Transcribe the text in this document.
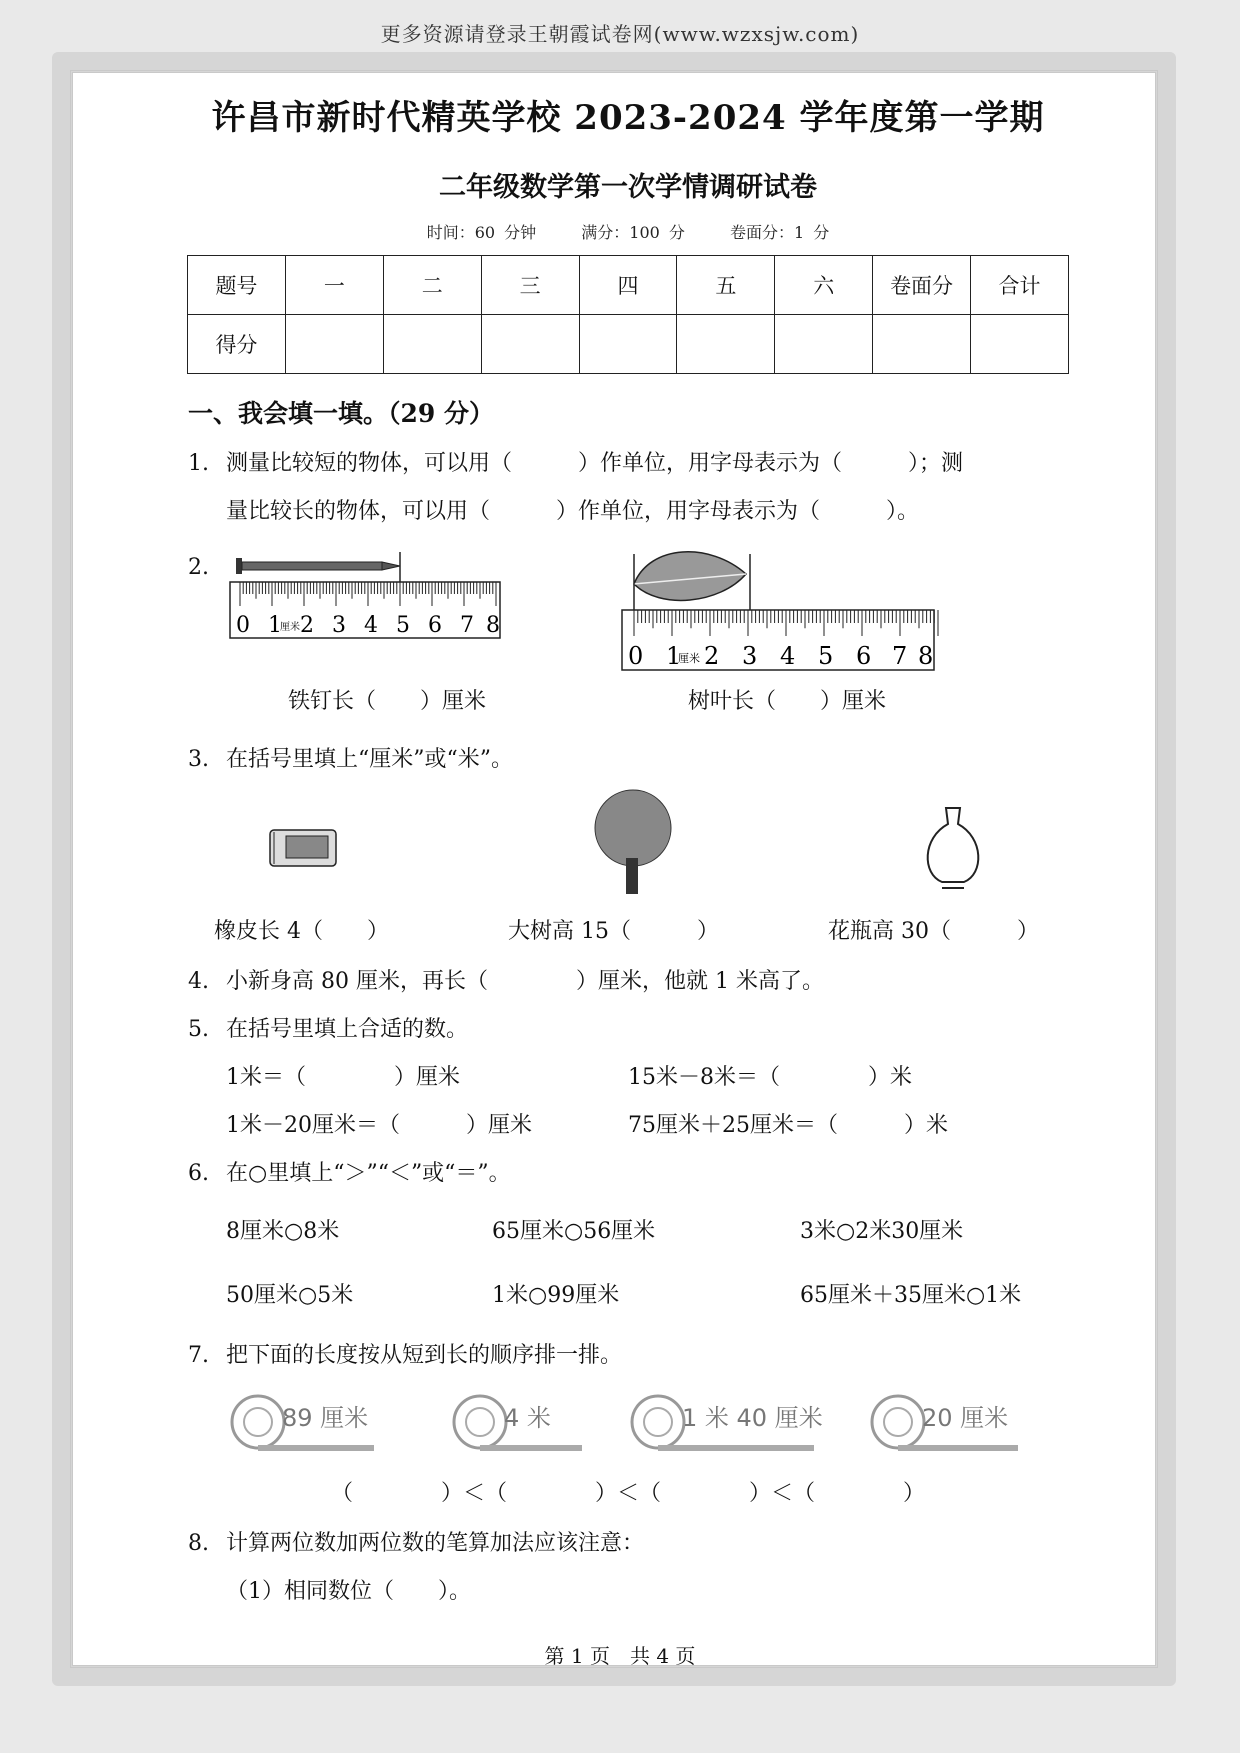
更多资源请登录王朝霞试卷网(www.wzxsjw.com)
许昌市新时代精英学校 2023-2024 学年度第一学期
二年级数学第一次学情调研试卷
时间：60 分钟	满分：100 分	卷面分：1 分
题号	一	二	三	四	五	六	卷面分	合计
得分								
一、我会填一填。（29 分）
1. 测量比较短的物体，可以用（　　　）作单位，用字母表示为（　　　）；测
量比较长的物体，可以用（　　　）作单位，用字母表示为（　　　）。
2.
0 1
厘米 2 3 4 5 6 7 8
0 1
厘米 2 3 4 5 6 7 8
铁钉长（　　）厘米	树叶长（　　）厘米
3. 在括号里填上“厘米”或“米”。
橡皮长 4（　　）	大树高 15（　　　）	花瓶高 30（　　　）
4. 小新身高 80 厘米，再长（　　　　）厘米，他就 1 米高了。
5. 在括号里填上合适的数。
1米＝（　　　　）厘米	15米－8米＝（　　　　）米
1米－20厘米＝（　　　）厘米	75厘米＋25厘米＝（　　　）米
6. 在○里填上“＞”“＜”或“＝”。
8厘米○8米	65厘米○56厘米	3米○2米30厘米
50厘米○5米	1米○99厘米	65厘米＋35厘米○1米
7. 把下面的长度按从短到长的顺序排一排。
89 厘米	4 米	1 米 40 厘米	20 厘米
（　　　　）＜（　　　　）＜（　　　　）＜（　　　　）
8. 计算两位数加两位数的笔算加法应该注意：
（1）相同数位（　　）。
第 1 页　共 4 页
